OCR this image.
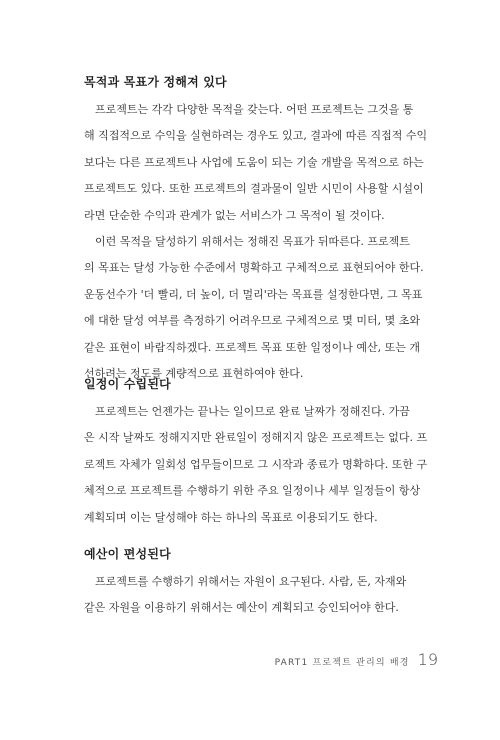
목적과 목표가 정해져 있다

프로젝트는 각각 다양한 목적을 갖는다. 어떤 프로젝트는 그것을 통
해 직접적으로 수익을 실현하려는 경우도 있고, 결과에 따른 직접적 수익
보다는 다른 프로젝트나 사업에 도움이 되는 기술 개발을 목적으로 하는
프로젝트도 있다. 또한 프로젝트의 결과물이 일반 시민이 사용할 시설이
라면 단순한 수익과 관계가 없는 서비스가 그 목적이 될 것이다.

이런 목적을 달성하기 위해서는 정해진 목표가 뒤따른다. 프로젝트
의 목표는 달성 가능한 수준에서 명확하고 구체적으로 표현되어야 한다.
운동선수가 '더 빨리, 더 높이, 더 멀리'라는 목표를 설정한다면, 그 목표
에 대한 달성 여부를 측정하기 어려우므로 구체적으로 몇 미터, 몇 초와
같은 표현이 바람직하겠다. 프로젝트 목표 또한 일정이나 예산, 또는 개
선하려는 정도를 계량적으로 표현하여야 한다.

일정이 수립된다

프로젝트는 언젠가는 끝나는 일이므로 완료 날짜가 정해진다. 가끔
은 시작 날짜도 정해지지만 완료일이 정해지지 않은 프로젝트는 없다. 프
로젝트 자체가 일회성 업무들이므로 그 시작과 종료가 명확하다. 또한 구
체적으로 프로젝트를 수행하기 위한 주요 일정이나 세부 일정들이 항상
계획되며 이는 달성해야 하는 하나의 목표로 이용되기도 한다.

예산이 편성된다

프로젝트를 수행하기 위해서는 자원이 요구된다. 사람, 돈, 자재와
같은 자원을 이용하기 위해서는 예산이 계획되고 승인되어야 한다.

PART1 프로젝트 관리의 배경 19
